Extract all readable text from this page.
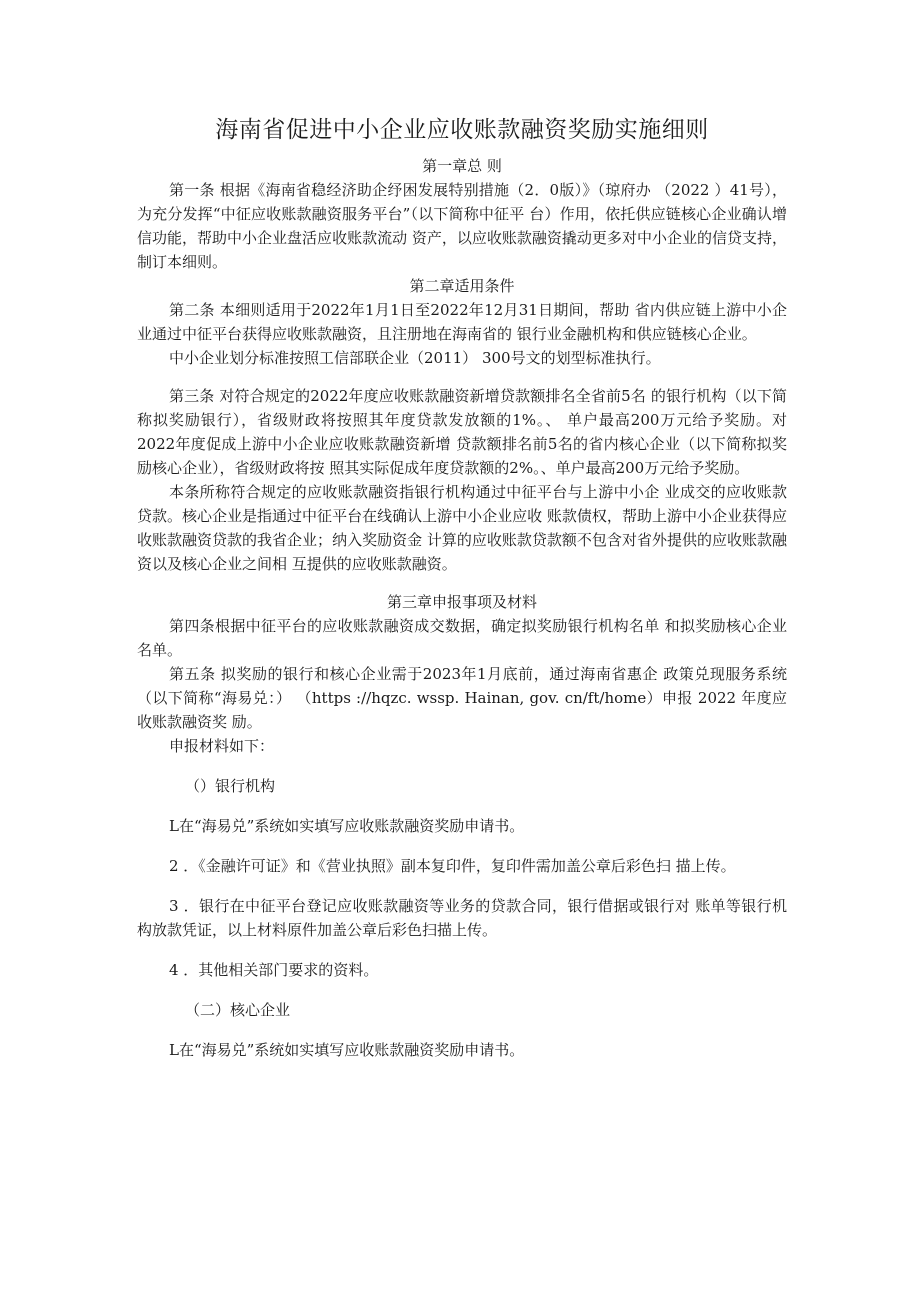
海南省促进中小企业应收账款融资奖励实施细则

第一章总 则

第一条 根据《海南省稳经济助企纾困发展特别措施（2．0版）》（琼府办 （2022 ）41号），为充分发挥“中征应收账款融资服务平台”（以下简称中征平 台）作用，依托供应链核心企业确认增信功能，帮助中小企业盘活应收账款流动 资产，以应收账款融资撬动更多对中小企业的信贷支持，制订本细则。

第二章适用条件

第二条 本细则适用于2022年1月1日至2022年12月31日期间，帮助 省内供应链上游中小企业通过中征平台获得应收账款融资，且注册地在海南省的 银行业金融机构和供应链核心企业。

中小企业划分标准按照工信部联企业（2011） 300号文的划型标准执行。

第三条 对符合规定的2022年度应收账款融资新增贷款额排名全省前5名 的银行机构（以下简称拟奖励银行），省级财政将按照其年度贷款发放额的1%。、 单户最高200万元给予奖励。对2022年度促成上游中小企业应收账款融资新增 贷款额排名前5名的省内核心企业（以下简称拟奖励核心企业），省级财政将按 照其实际促成年度贷款额的2%。、单户最高200万元给予奖励。

本条所称符合规定的应收账款融资指银行机构通过中征平台与上游中小企 业成交的应收账款贷款。核心企业是指通过中征平台在线确认上游中小企业应收 账款债权，帮助上游中小企业获得应收账款融资贷款的我省企业；纳入奖励资金 计算的应收账款贷款额不包含对省外提供的应收账款融资以及核心企业之间相 互提供的应收账款融资。

第三章申报事项及材料

第四条根据中征平台的应收账款融资成交数据，确定拟奖励银行机构名单 和拟奖励核心企业名单。

第五条 拟奖励的银行和核心企业需于2023年1月底前，通过海南省惠企 政策兑现服务系统（以下简称“海易兑：） （https ://hqzc. wssp. Hainan, gov. cn/ft/home）申报 2022 年度应收账款融资奖 励。

申报材料如下：

（）银行机构

L在“海易兑”系统如实填写应收账款融资奖励申请书。

2 ．《金融许可证》和《营业执照》副本复印件，复印件需加盖公章后彩色扫 描上传。

3 ．银行在中征平台登记应收账款融资等业务的贷款合同，银行借据或银行对 账单等银行机构放款凭证，以上材料原件加盖公章后彩色扫描上传。

4 ．其他相关部门要求的资料。

（二）核心企业

L在“海易兑”系统如实填写应收账款融资奖励申请书。
